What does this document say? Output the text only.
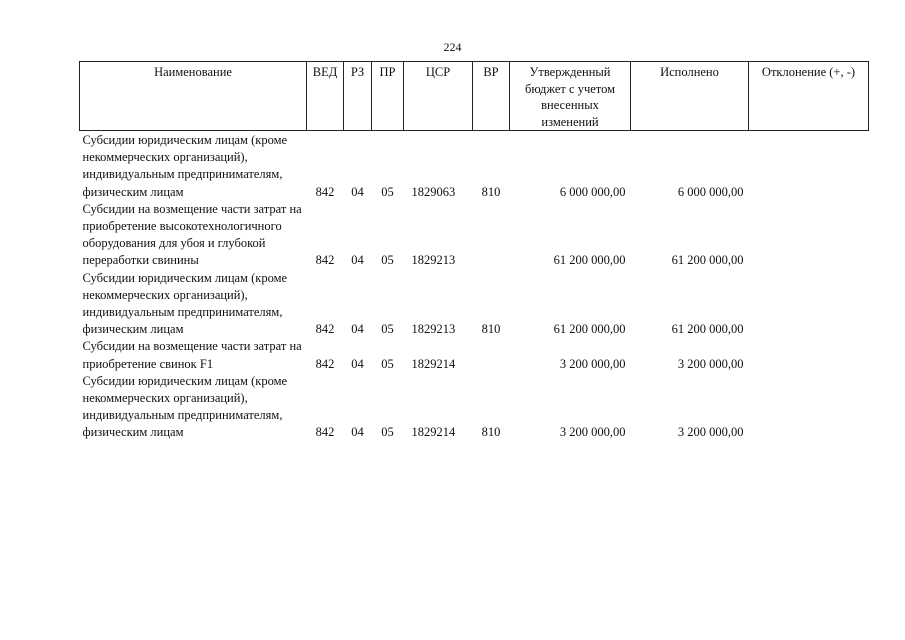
224
Наименование	ВЕД	РЗ	ПР	ЦСР	ВР	Утвержденный бюджет с учетом внесенных изменений	Исполнено	Отклонение (+, -)
Субсидии юридическим лицам (кроме некоммерческих организаций), индивидуальным предпринимателям, физическим лицам	842	04	05	1829063	810	6 000 000,00	6 000 000,00	
Субсидии на возмещение части затрат на приобретение высокотехнологичного оборудования для убоя и глубокой переработки свинины	842	04	05	1829213		61 200 000,00	61 200 000,00	
Субсидии юридическим лицам (кроме некоммерческих организаций), индивидуальным предпринимателям, физическим лицам	842	04	05	1829213	810	61 200 000,00	61 200 000,00	
Субсидии на возмещение части затрат на приобретение свинок F1	842	04	05	1829214		3 200 000,00	3 200 000,00	
Субсидии юридическим лицам (кроме некоммерческих организаций), индивидуальным предпринимателям, физическим лицам	842	04	05	1829214	810	3 200 000,00	3 200 000,00	
